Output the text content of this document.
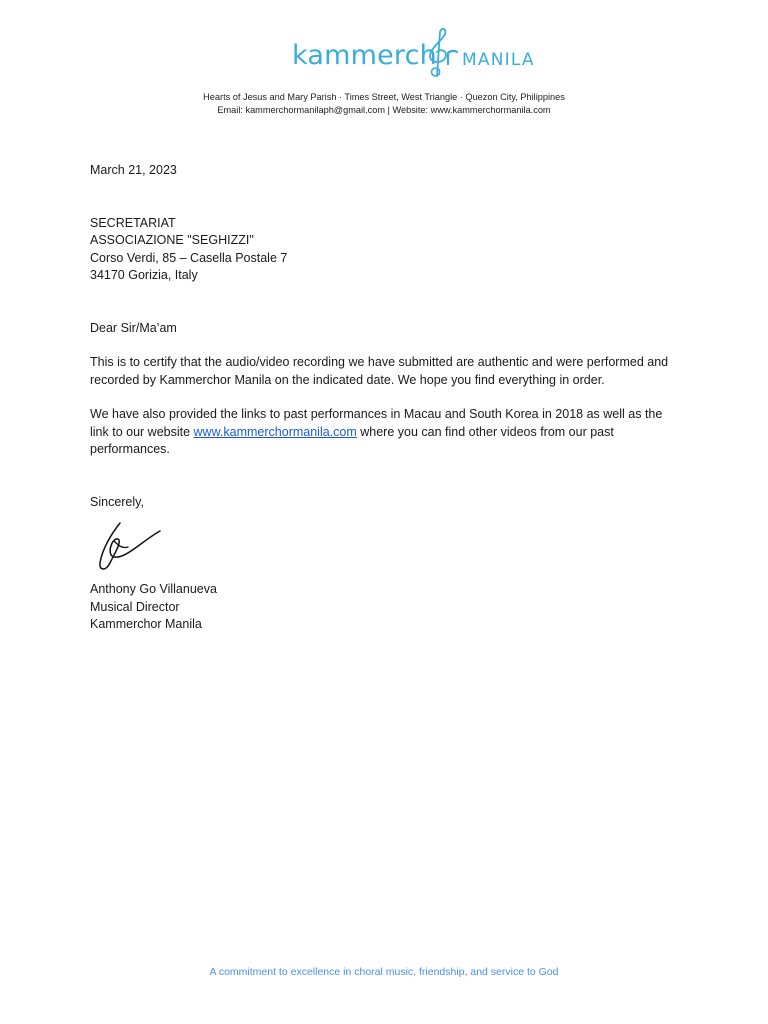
kammerch MANILA
Hearts of Jesus and Mary Parish · Times Street, West Triangle · Quezon City, Philippines
Email: kammerchormanilaph@gmail.com | Website: www.kammerchormanila.com

March 21, 2023

SECRETARIAT

ASSOCIAZIONE "SEGHIZZI"

Corso Verdi, 85 – Casella Postale 7

34170 Gorizia, Italy

Dear Sir/Ma’am

This is to certify that the audio/video recording we have submitted are authentic and were performed and recorded by Kammerchor Manila on the indicated date. We hope you find everything in order.

We have also provided the links to past performances in Macau and South Korea in 2018 as well as the link to our website www.kammerchormanila.com where you can find other videos from our past performances.

Sincerely,

Anthony Go Villanueva

Musical Director

Kammerchor Manila

A commitment to excellence in choral music, friendship, and service to God
